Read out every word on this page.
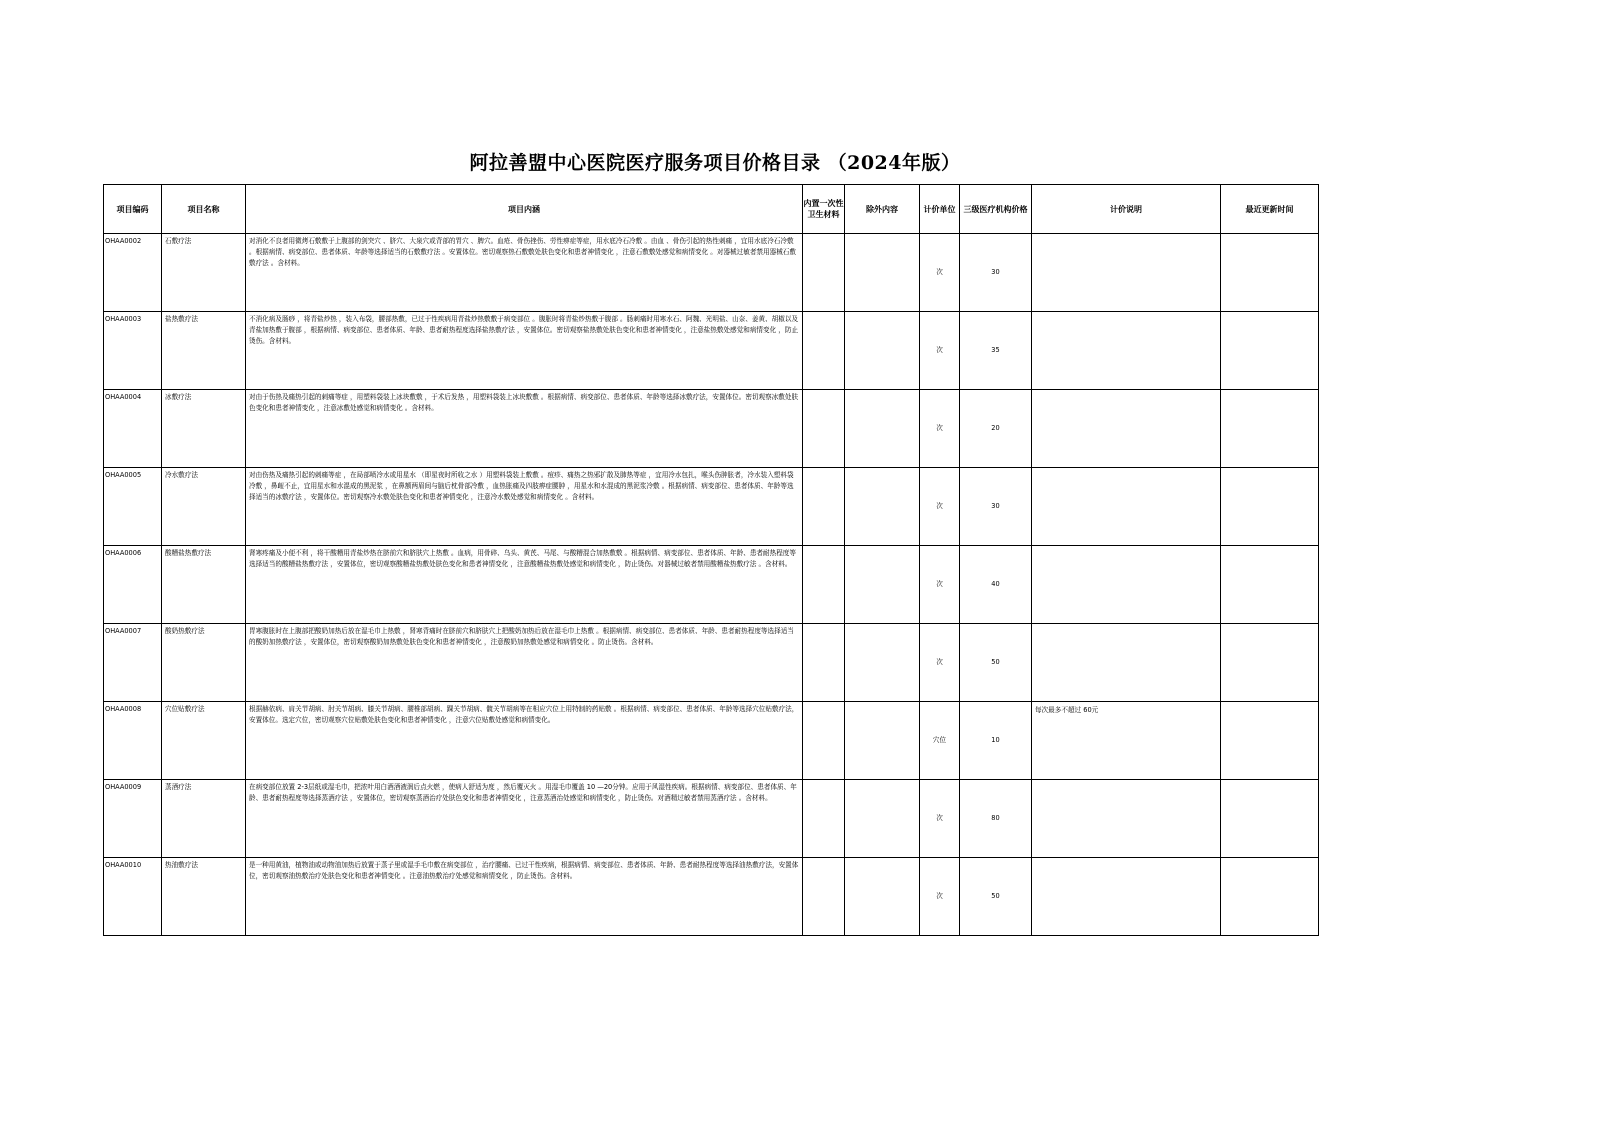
阿拉善盟中心医院医疗服务项目价格目录 （2024年版）
项目编码	项目名称	项目内涵	内置一次性卫生材料	除外内容	计价单位	三级医疗机构价格	计价说明	最近更新时间
OHAA0002	石敷疗法	对消化不良者用微烤石敷敷于上腹部的剑突穴 、脐穴、大泉穴或背部的胃穴 、脾穴。血疮、骨伤挫伤、劳性痹症等症，用水底冷石冷敷 。由血 、骨伤引起的热性刺痛 ，宜用水底冷石冷敷 。根据病情、病变部位、患者体质、年龄等选择适当的石敷敷疗法 。安置体位。密切观察热石敷敷处肤色变化和患者神情变化 ，注意石敷敷处感觉和病情变化 。对器械过敏者禁用器械石敷敷疗法 。含材料。			次	30		
OHAA0003	盐热敷疗法	不消化病及肠痧 ，将青盐炒热 ，装入布袋，腰部热敷，已过于性疾病用青盐炒热敷敷于病变部位 。腹胀时将青盐炒热敷于腹部 。肠刺痛时用寒水石、阿魏、光明盐、山奈、姜黄、胡椒以及青盐加热敷于腹部 ，根据病情、病变部位、患者体质、年龄、患者耐热程度选择盐热敷疗法 ，安置体位。密切观察盐热敷处肤色变化和患者神情变化 ，注意盐热敷处感觉和病情变化 ，防止烫伤。含材料。			次	35		
OHAA0004	冰敷疗法	对由于伤热及痛热引起的刺痛等症 ，用塑料袋装上冰块敷敷 ，于术后发热 ，用塑料袋装上冰块敷敷 。根据病情、病变部位、患者体质、年龄等选择冰敷疗法，安置体位。密切观察冰敷处肤色变化和患者神情变化 ，注意冰敷处感觉和病情变化 。含材料。			次	20		
OHAA0005	冷水敷疗法	对由伤热及痛热引起的刺痛等症 ，在局部喷冷水或用星水 （即星夜时所收之水 ）用塑料袋装上敷敷 。痘疹、痛热之热邪扩散及肺热等症 ，宜用冷水包扎，喉头伤肿胀者，冷水装入塑料袋冷敷 ，鼻衄不止，宜用星水和水混成的黑泥浆 ，在鼻额两眉间与脑后枕骨部冷敷 ，血热胀痛及四肢痹症腰肿 ，用星水和水混成的黑泥浆冷敷 。根据病情、病变部位、患者体质、年龄等选择适当的冰敷疗法 ，安置体位。密切观察冷水敷处肤色变化和患者神情变化 ，注意冷水敷处感觉和病情变化 。含材料。			次	30		
OHAA0006	酸糟盐热敷疗法	肾寒疼痛及小便不利 ，将干酸糟用青盐炒热在脐前穴和脐肤穴上热敷 。血病，用骨碎、乌头、黄芪、马尾、与酸糟混合加热敷敷 。根据病情、病变部位、患者体质、年龄、患者耐热程度等选择适当的酸糟盐热敷疗法 ，安置体位，密切观察酸糟盐热敷处肤色变化和患者神情变化 ，注意酸糟盐热敷处感觉和病情变化 ，防止烫伤。对器械过敏者禁用酸糟盐热敷疗法 。含材料。			次	40		
OHAA0007	酸奶热敷疗法	胃寒腹胀时在上腹部把酸奶加热后放在湿毛巾上热敷 ，肾寒背痛时在脐前穴和脐肤穴上把酸奶加热后放在湿毛巾上热敷 。根据病情、病变部位、患者体质、年龄、患者耐热程度等选择适当的酸奶加热敷疗法 ，安置体位，密切观察酸奶加热敷处肤色变化和患者神情变化 ，注意酸奶加热敷处感觉和病情变化 。防止烫伤。含材料。			次	50		
OHAA0008	穴位贴敷疗法	根据赫依病、肩关节胡病、肘关节胡病、膝关节胡病、腰椎部胡病、踝关节胡病、髋关节胡病等在相应穴位上用特制的药贴敷 。根据病情、病变部位、患者体质、年龄等选择穴位贴敷疗法，安置体位。选定穴位，密切观察穴位贴敷处肤色变化和患者神情变化 ，注意穴位贴敷处感觉和病情变化。			穴位	10	每次最多不超过 60元	
OHAA0009	蒸酒疗法	在病变部位放置 2-3层纸或湿毛巾，把浓叶用白酒酒液润后点火燃 ，使病人舒适为度 ，然后覆灭火 。用湿毛巾覆盖 10 —20分钟。应用于风湿性疾病。根据病情、病变部位、患者体质、年龄、患者耐热程度等选择蒸酒疗法 ，安置体位，密切观察蒸酒治疗处肤色变化和患者神情变化 ，注意蒸酒治处感觉和病情变化 ，防止烫伤。对酒精过敏者禁用蒸酒疗法 。含材料。			次	80		
OHAA0010	热油敷疗法	是一种用黄油，植物油或动物油加热后放置于蒸子里或湿手毛巾敷在病变部位 ，治疗腰痛、已过干性疾病，根据病情、病变部位、患者体质、年龄、患者耐热程度等选择油热敷疗法，安置体位，密切观察油热敷治疗处肤色变化和患者神情变化 。注意油热敷治疗处感觉和病情变化 ，防止烫伤。含材料。			次	50		
